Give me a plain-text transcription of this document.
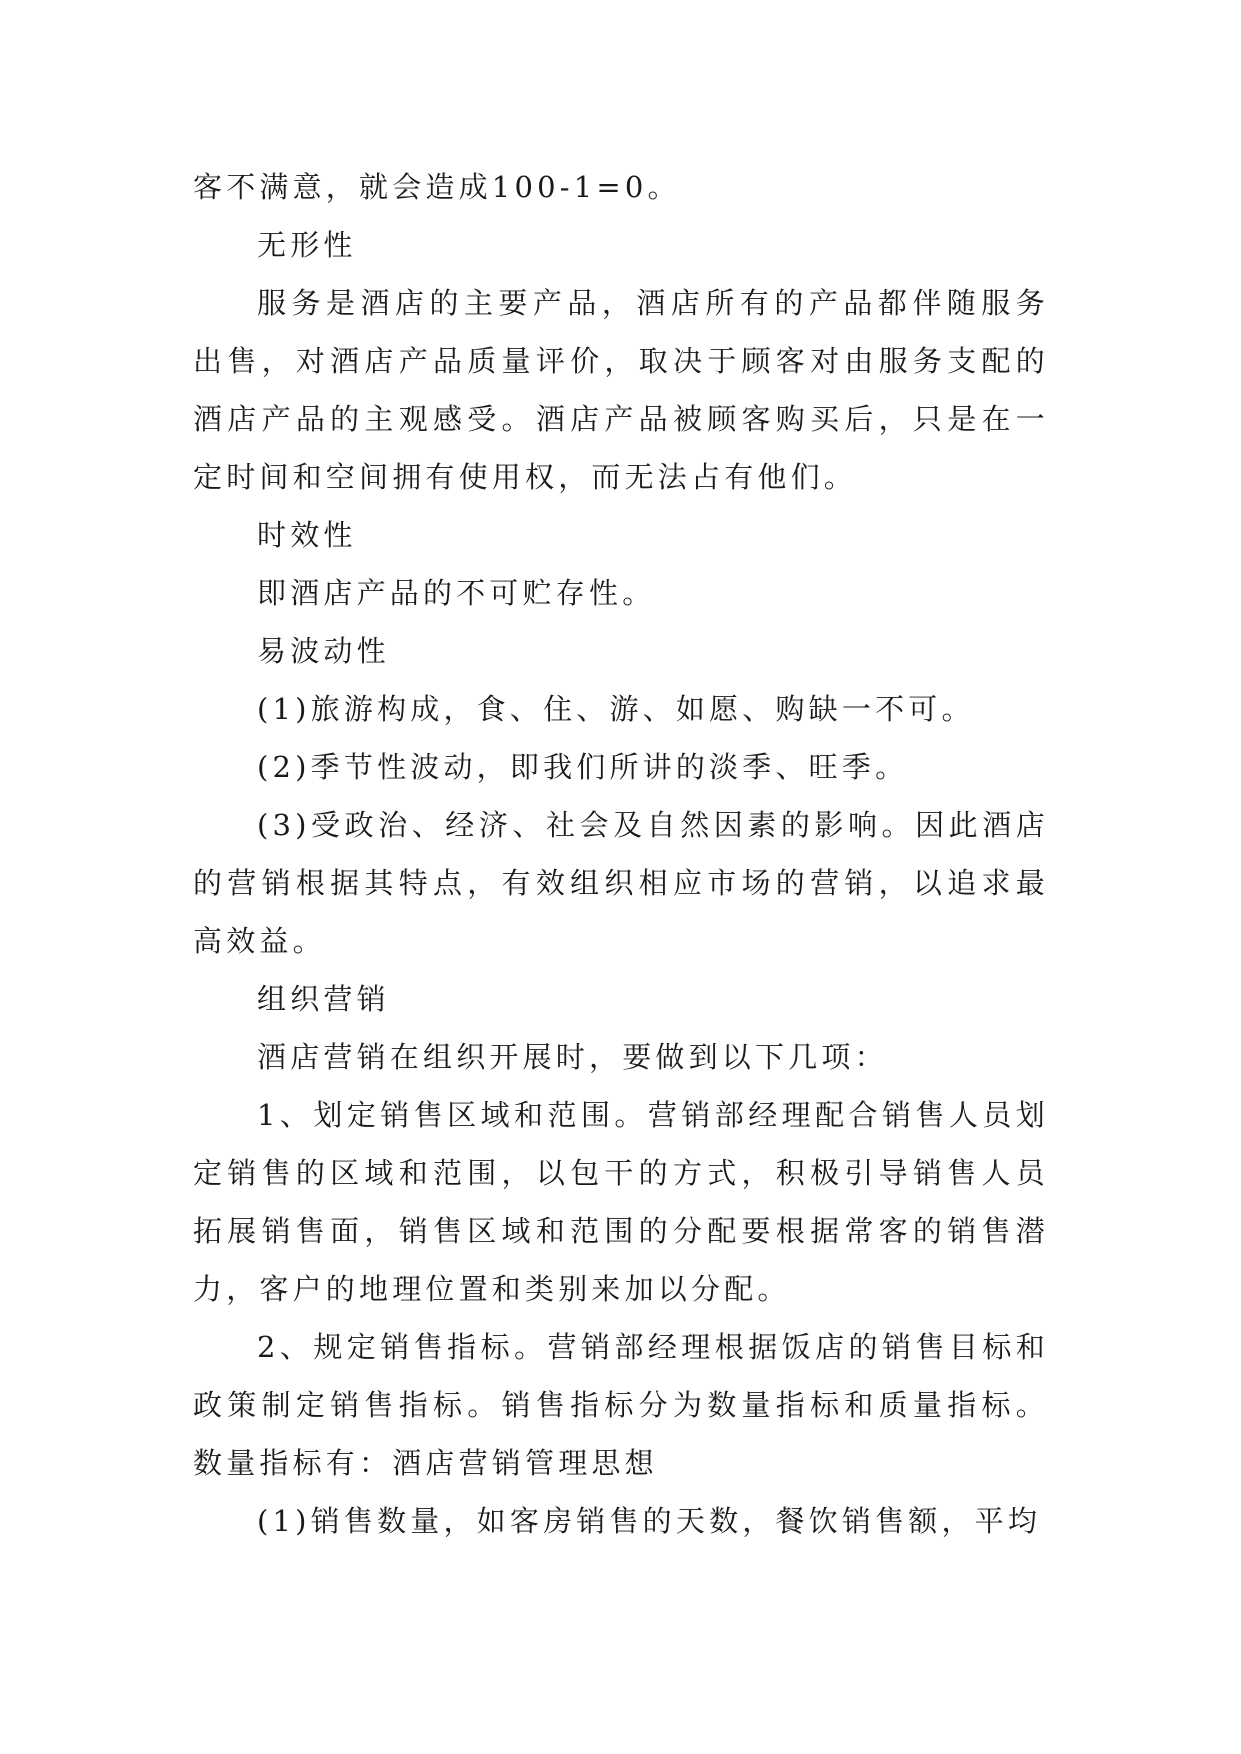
客不满意，就会造成100-1=0。

无形性

服务是酒店的主要产品，酒店所有的产品都伴随服务出售，对酒店产品质量评价，取决于顾客对由服务支配的酒店产品的主观感受。酒店产品被顾客购买后，只是在一定时间和空间拥有使用权，而无法占有他们。

时效性

即酒店产品的不可贮存性。

易波动性

(1)旅游构成，食、住、游、如愿、购缺一不可。

(2)季节性波动，即我们所讲的淡季、旺季。

(3)受政治、经济、社会及自然因素的影响。因此酒店的营销根据其特点，有效组织相应市场的营销，以追求最高效益。

组织营销

酒店营销在组织开展时，要做到以下几项：

1、划定销售区域和范围。营销部经理配合销售人员划定销售的区域和范围，以包干的方式，积极引导销售人员拓展销售面，销售区域和范围的分配要根据常客的销售潜力，客户的地理位置和类别来加以分配。

2、规定销售指标。营销部经理根据饭店的销售目标和政策制定销售指标。销售指标分为数量指标和质量指标。数量指标有：酒店营销管理思想

(1)销售数量，如客房销售的天数，餐饮销售额，平均
